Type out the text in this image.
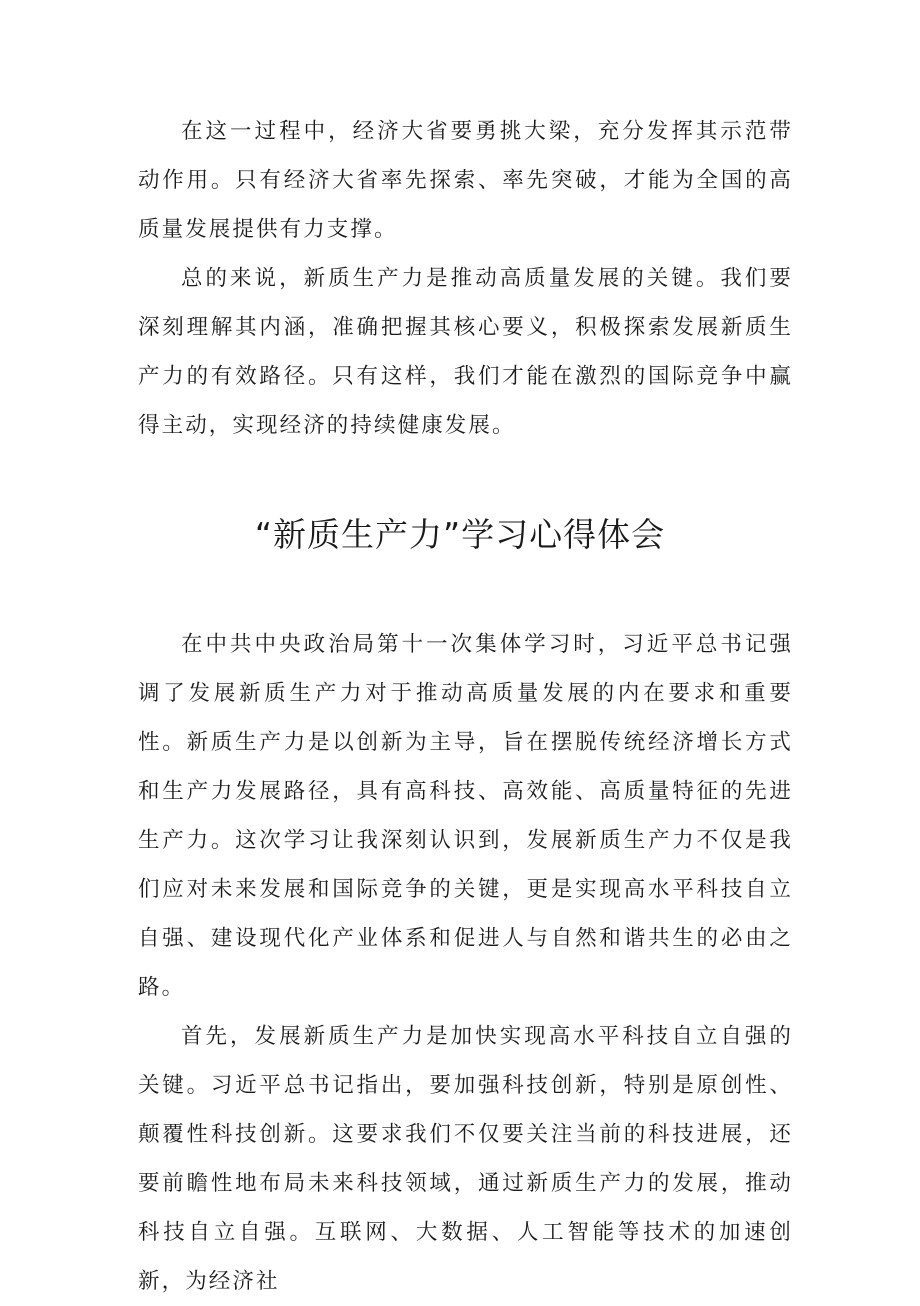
在这一过程中，经济大省要勇挑大梁，充分发挥其示范带动作用。只有经济大省率先探索、率先突破，才能为全国的高质量发展提供有力支撑。

总的来说，新质生产力是推动高质量发展的关键。我们要深刻理解其内涵，准确把握其核心要义，积极探索发展新质生产力的有效路径。只有这样，我们才能在激烈的国际竞争中赢得主动，实现经济的持续健康发展。

“新质生产力”学习心得体会

在中共中央政治局第十一次集体学习时，习近平总书记强调了发展新质生产力对于推动高质量发展的内在要求和重要性。新质生产力是以创新为主导，旨在摆脱传统经济增长方式和生产力发展路径，具有高科技、高效能、高质量特征的先进生产力。这次学习让我深刻认识到，发展新质生产力不仅是我们应对未来发展和国际竞争的关键，更是实现高水平科技自立自强、建设现代化产业体系和促进人与自然和谐共生的必由之路。

首先，发展新质生产力是加快实现高水平科技自立自强的关键。习近平总书记指出，要加强科技创新，特别是原创性、颠覆性科技创新。这要求我们不仅要关注当前的科技进展，还要前瞻性地布局未来科技领域，通过新质生产力的发展，推动科技自立自强。互联网、大数据、人工智能等技术的加速创新，为经济社
